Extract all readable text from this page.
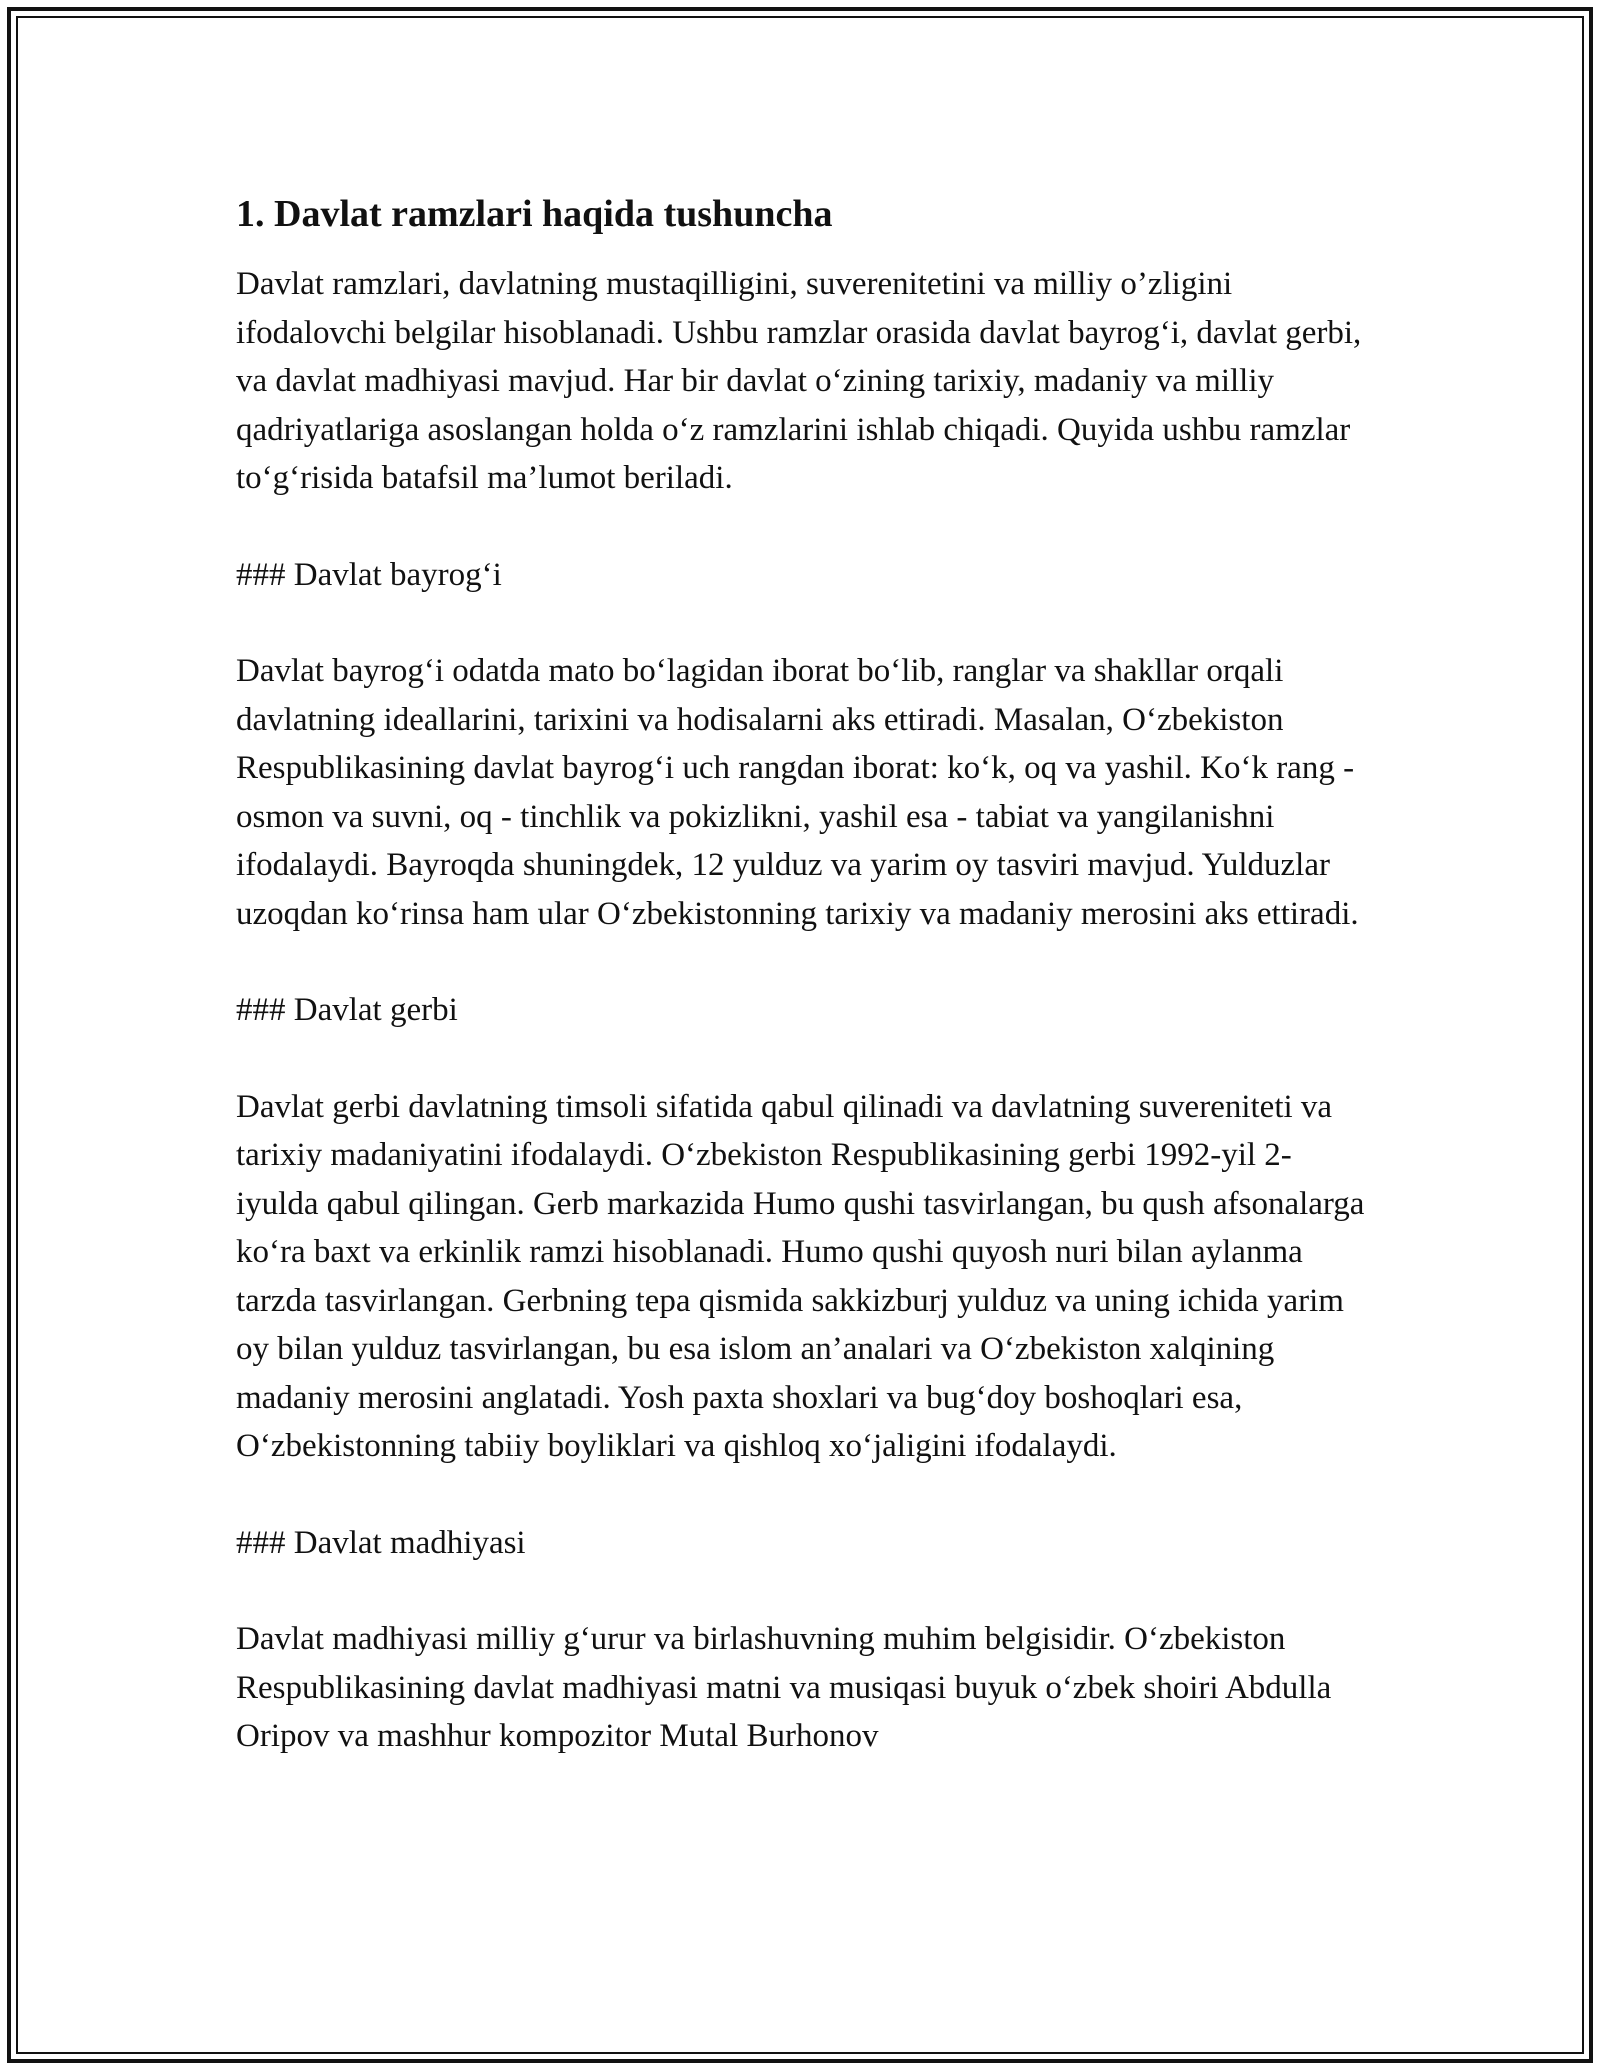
1. Davlat ramzlari haqida tushuncha

Davlat ramzlari, davlatning mustaqilligini, suverenitetini va milliy o’zligini ifodalovchi belgilar hisoblanadi. Ushbu ramzlar orasida davlat bayrog‘i, davlat gerbi, va davlat madhiyasi mavjud. Har bir davlat o‘zining tarixiy, madaniy va milliy qadriyatlariga asoslangan holda o‘z ramzlarini ishlab chiqadi. Quyida ushbu ramzlar to‘g‘risida batafsil ma’lumot beriladi.

### Davlat bayrog‘i

Davlat bayrog‘i odatda mato bo‘lagidan iborat bo‘lib, ranglar va shakllar orqali davlatning ideallarini, tarixini va hodisalarni aks ettiradi. Masalan, O‘zbekiston Respublikasining davlat bayrog‘i uch rangdan iborat: ko‘k, oq va yashil. Ko‘k rang - osmon va suvni, oq - tinchlik va pokizlikni, yashil esa - tabiat va yangilanishni ifodalaydi. Bayroqda shuningdek, 12 yulduz va yarim oy tasviri mavjud. Yulduzlar uzoqdan ko‘rinsa ham ular O‘zbekistonning tarixiy va madaniy merosini aks ettiradi.

### Davlat gerbi

Davlat gerbi davlatning timsoli sifatida qabul qilinadi va davlatning suvereniteti va tarixiy madaniyatini ifodalaydi. O‘zbekiston Respublikasining gerbi 1992-yil 2-iyulda qabul qilingan. Gerb markazida Humo qushi tasvirlangan, bu qush afsonalarga ko‘ra baxt va erkinlik ramzi hisoblanadi. Humo qushi quyosh nuri bilan aylanma tarzda tasvirlangan. Gerbning tepa qismida sakkizburj yulduz va uning ichida yarim oy bilan yulduz tasvirlangan, bu esa islom an’analari va O‘zbekiston xalqining madaniy merosini anglatadi. Yosh paxta shoxlari va bug‘doy boshoqlari esa, O‘zbekistonning tabiiy boyliklari va qishloq xo‘jaligini ifodalaydi.

### Davlat madhiyasi

Davlat madhiyasi milliy g‘urur va birlashuvning muhim belgisidir. O‘zbekiston Respublikasining davlat madhiyasi matni va musiqasi buyuk o‘zbek shoiri Abdulla Oripov va mashhur kompozitor Mutal Burhonov
